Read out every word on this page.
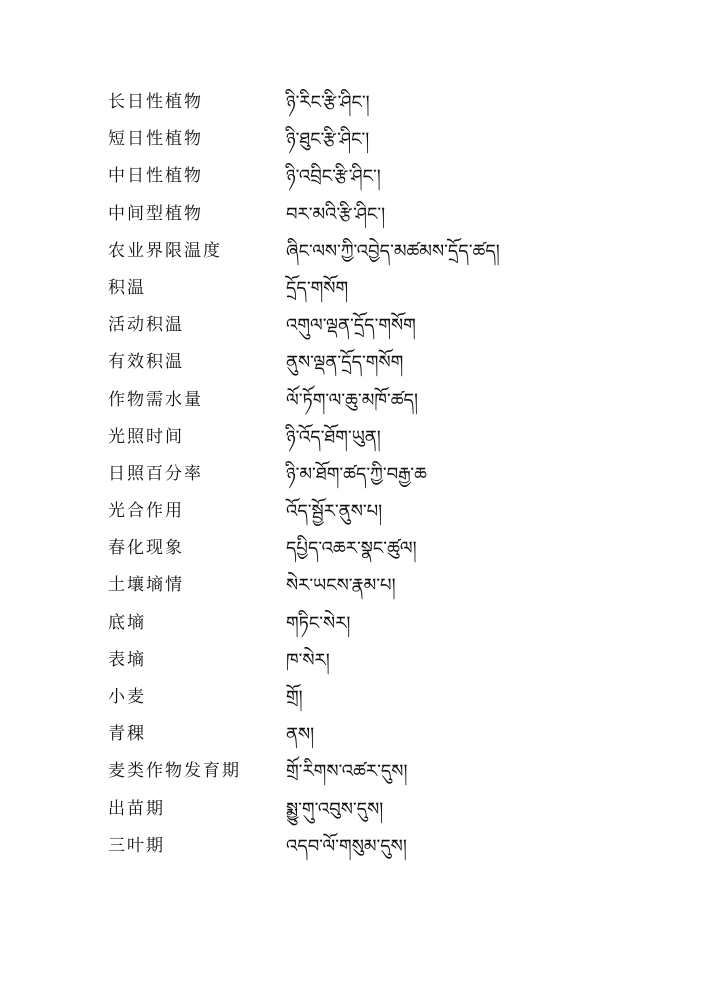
长日性植物	ཉི་རིང་རྩི་ཤིང་།
短日性植物	ཉི་ཐུང་རྩི་ཤིང་།
中日性植物	ཉི་འབྲིང་རྩི་ཤིང་།
中间型植物	བར་མའི་རྩི་ཤིང་།
农业界限温度	ཞིང་ལས་ཀྱི་འབྱེད་མཚམས་དྲོད་ཚད།
积温	དྲོད་གསོག
活动积温	འགུལ་ལྡན་དྲོད་གསོག
有效积温	ནུས་ལྡན་དྲོད་གསོག
作物需水量	ལོ་ཏོག་ལ་ཆུ་མཁོ་ཚད།
光照时间	ཉི་འོད་ཐོག་ཡུན།
日照百分率	ཉི་མ་ཐོག་ཚད་ཀྱི་བརྒྱ་ཆ
光合作用	འོད་སྦྱོར་ནུས་པ།
春化现象	དཔྱིད་འཆར་སྣང་ཚུལ།
土壤墒情	སེར་ཡངས་རྣམ་པ།
底墒	གཏིང་སེར།
表墒	ཁ་སེར།
小麦	གྲོ།
青稞	ནས།
麦类作物发育期	གྲོ་རིགས་འཚར་དུས།
出苗期	སྨྱུ་གུ་འབུས་དུས།
三叶期	འདབ་ལོ་གསུམ་དུས།
